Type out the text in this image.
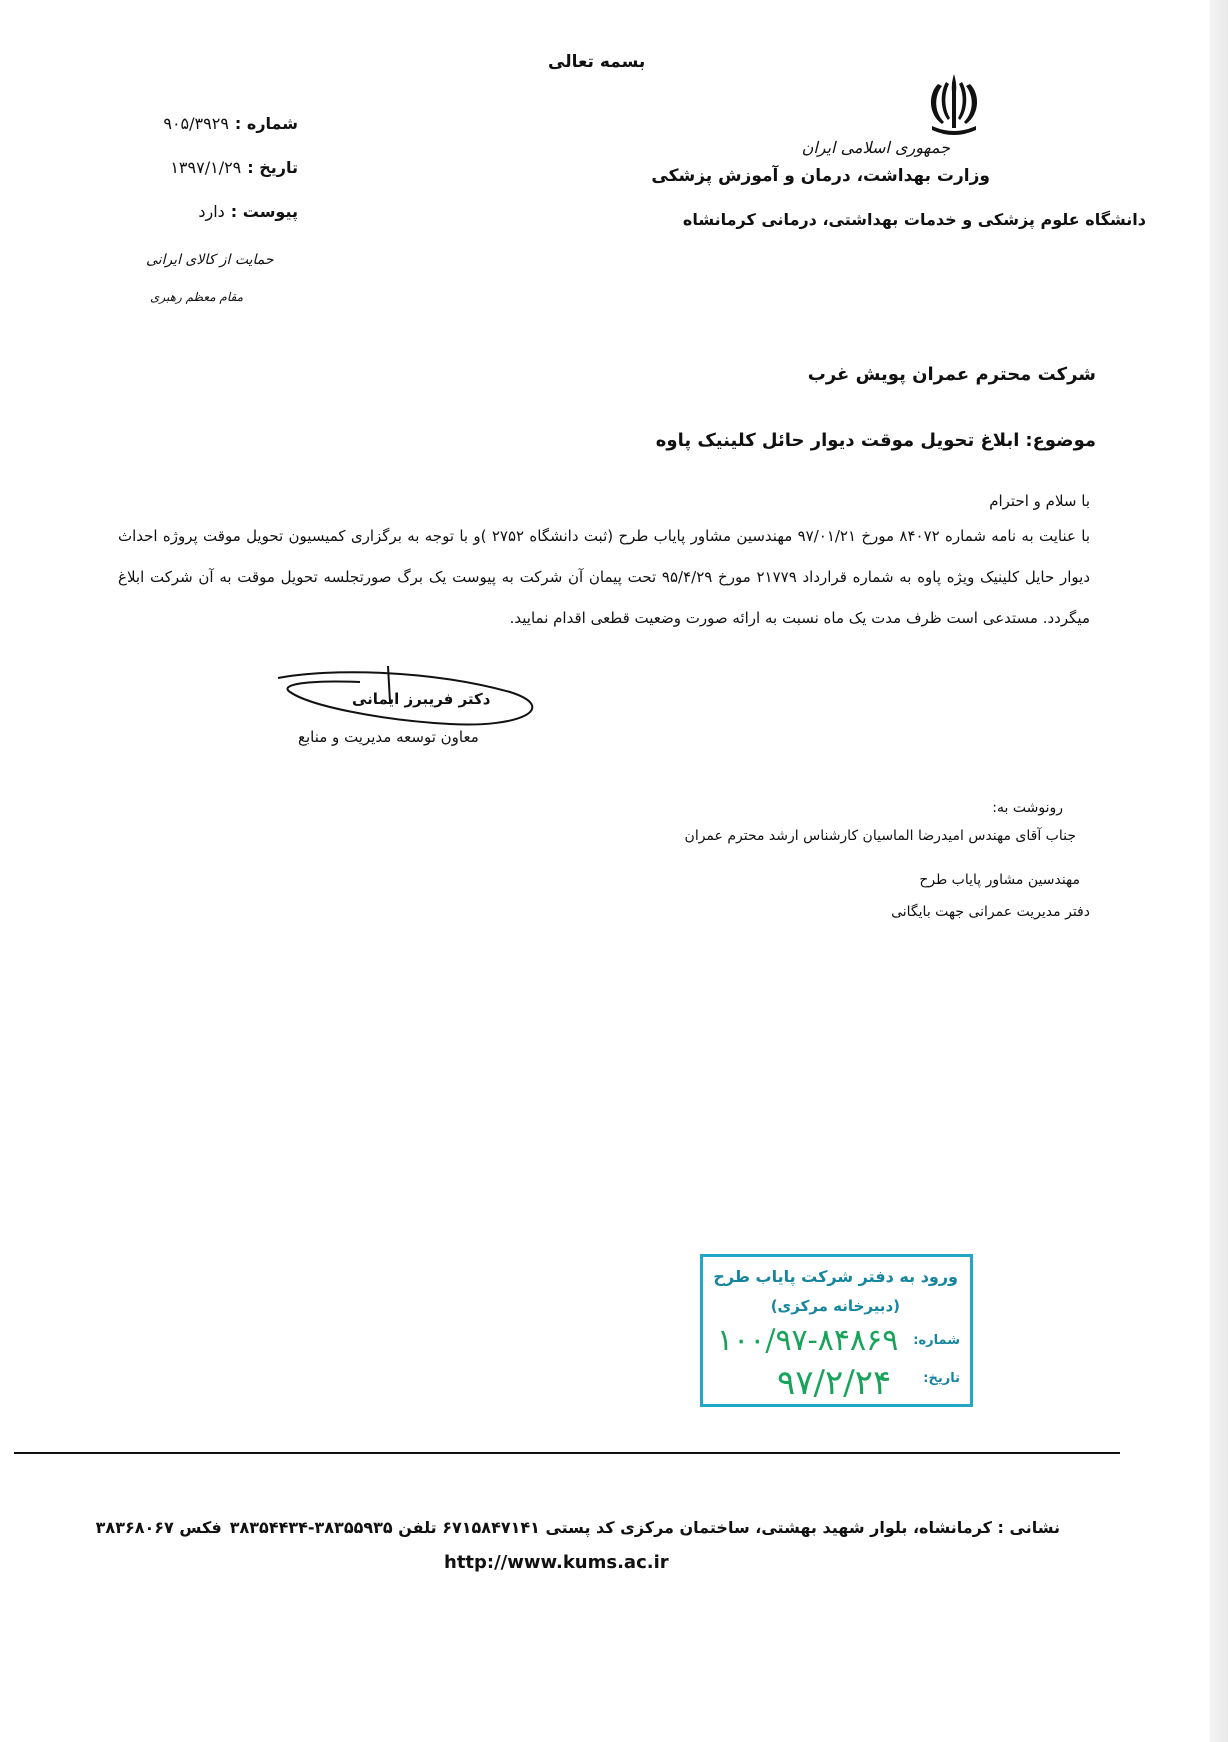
بسمه تعالی
جمهوری اسلامی ایران
وزارت بهداشت، درمان و آموزش پزشکی
دانشگاه علوم پزشکی و خدمات بهداشتی، درمانی کرمانشاه
شماره :۹۰۵/۳۹۲۹
تاریخ :۱۳۹۷/۱/۲۹
پیوست :دارد
حمایت از کالای ایرانی
مقام معظم رهبری
شرکت محترم عمران پویش غرب
موضوع:ابلاغ تحویل موقت دیوار حائل کلینیک پاوه
با سلام و احترام
با عنایت به نامه شماره ۸۴۰۷۲ مورخ ۹۷/۰۱/۲۱ مهندسین مشاور پایاب طرح (ثبت دانشگاه ۲۷۵۲ )و با توجه به برگزاری کمیسیون تحویل موقت پروژه احداث دیوار حایل کلینیک ویژه پاوه به شماره قرارداد ۲۱۷۷۹ مورخ ۹۵/۴/۲۹ تحت پیمان آن شرکت به پیوست یک برگ صورتجلسه تحویل موقت به آن شرکت ابلاغ میگردد. مستدعی است ظرف مدت یک ماه نسبت به ارائه صورت وضعیت قطعی اقدام نمایید.
دکتر فریبرز ایمانی
معاون توسعه مدیریت و منابع
رونوشت به:
جناب آقای مهندس امیدرضا الماسیان کارشناس ارشد محترم عمران
مهندسین مشاور پایاب طرح
دفتر مدیریت عمرانی جهت بایگانی
ورود به دفتر شرکت پایاب طرح
(دبیرخانه مرکزی)
شماره:
۱۰۰/۹۷-۸۴۸۶۹
تاریخ:
۹۷/۲/۲۴
نشانی : کرمانشاه، بلوار شهید بهشتی، ساختمان مرکزی کد پستی ۶۷۱۵۸۴۷۱۴۱ تلفن ۳۸۳۵۵۹۳۵-۳۸۳۵۴۴۳۴فکس ۳۸۳۶۸۰۶۷
http://www.kums.ac.ir
